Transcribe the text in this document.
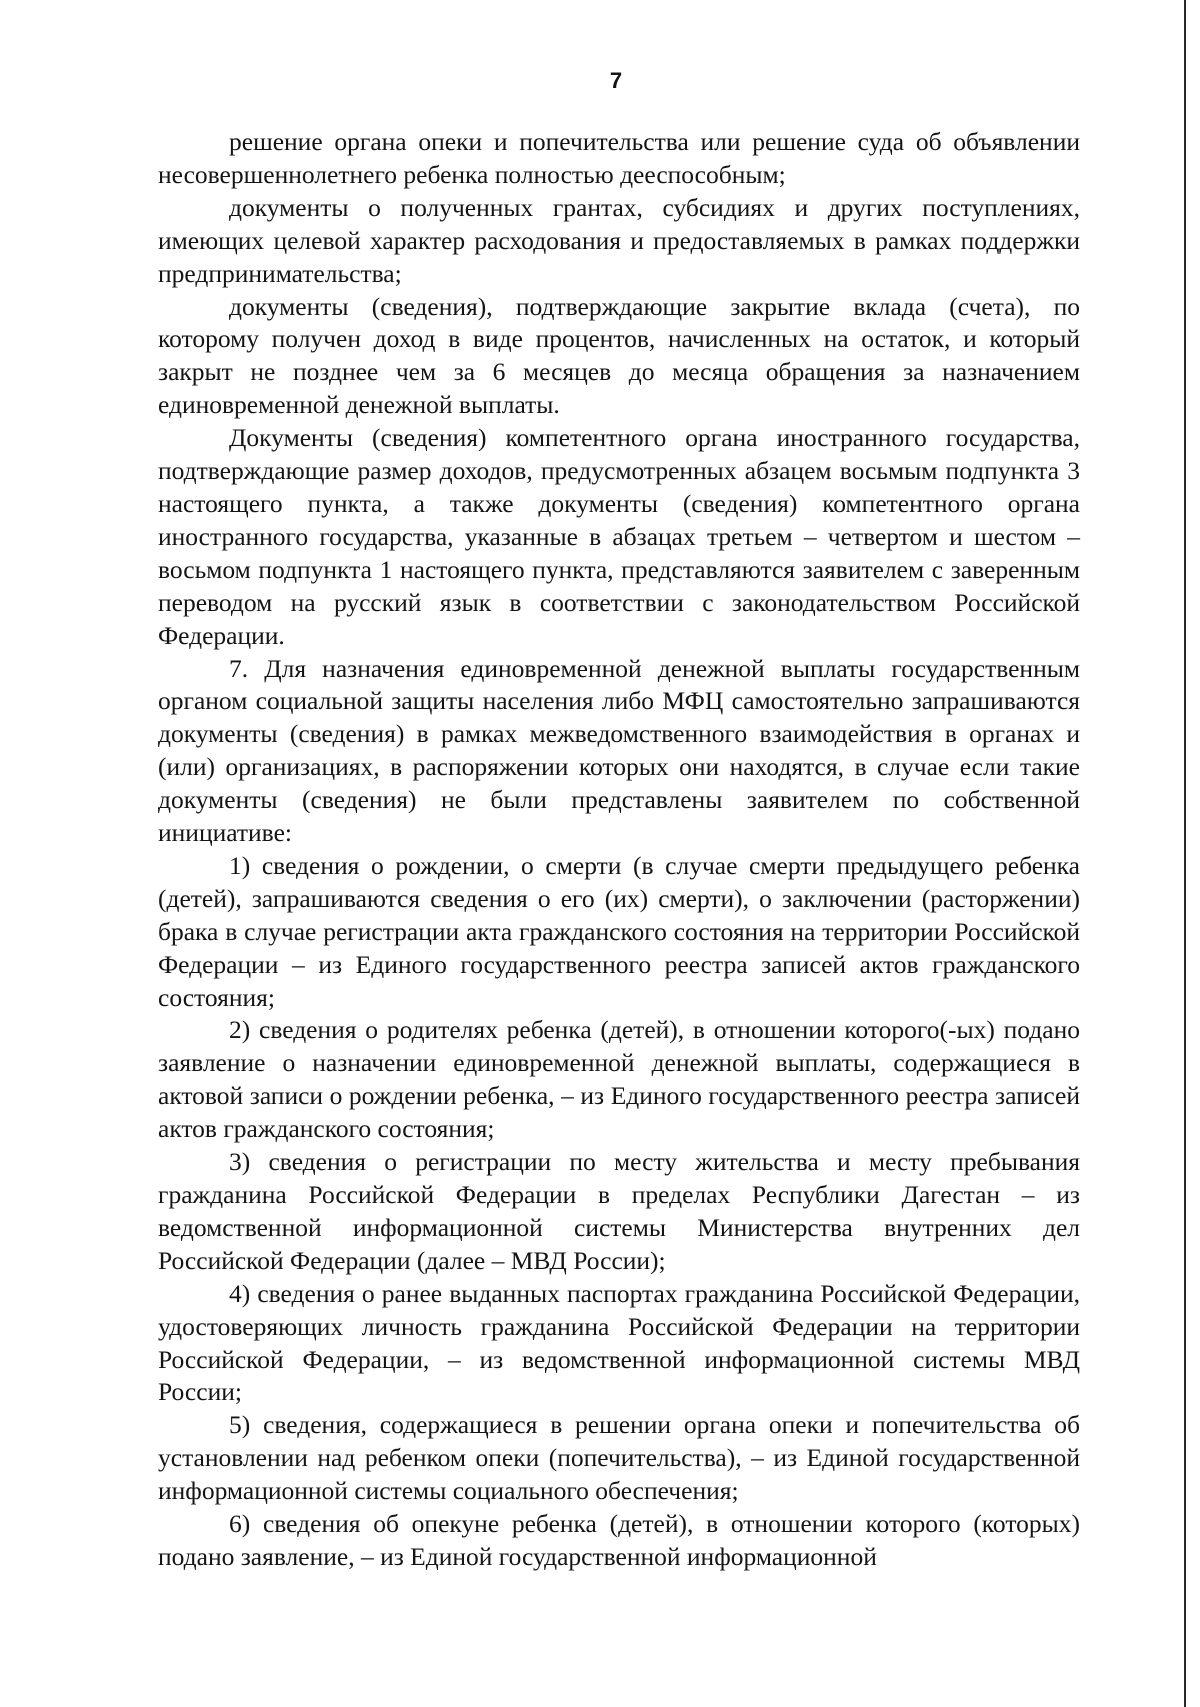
7

решение органа опеки и попечительства или решение суда об объявлении несовершеннолетнего ребенка полностью дееспособным;

документы о полученных грантах, субсидиях и других поступлениях, имеющих целевой характер расходования и предоставляемых в рамках поддержки предпринимательства;

документы (сведения), подтверждающие закрытие вклада (счета), по которому получен доход в виде процентов, начисленных на остаток, и который закрыт не позднее чем за 6 месяцев до месяца обращения за назначением единовременной денежной выплаты.

Документы (сведения) компетентного органа иностранного государства, подтверждающие размер доходов, предусмотренных абзацем восьмым подпункта 3 настоящего пункта, а также документы (сведения) компетентного органа иностранного государства, указанные в абзацах третьем – четвертом и шестом – восьмом подпункта 1 настоящего пункта, представляются заявителем с заверенным переводом на русский язык в соответствии с законодательством Российской Федерации.

7. Для назначения единовременной денежной выплаты государственным органом социальной защиты населения либо МФЦ самостоятельно запрашиваются документы (сведения) в рамках межведомственного взаимодействия в органах и (или) организациях, в распоряжении которых они находятся, в случае если такие документы (сведения) не были представлены заявителем по собственной инициативе:

1) сведения о рождении, о смерти (в случае смерти предыдущего ребенка (детей), запрашиваются сведения о его (их) смерти), о заключении (расторжении) брака в случае регистрации акта гражданского состояния на территории Российской Федерации – из Единого государственного реестра записей актов гражданского состояния;

2) сведения о родителях ребенка (детей), в отношении которого(-ых) подано заявление о назначении единовременной денежной выплаты, содержащиеся в актовой записи о рождении ребенка, – из Единого государственного реестра записей актов гражданского состояния;

3) сведения о регистрации по месту жительства и месту пребывания гражданина Российской Федерации в пределах Республики Дагестан – из ведомственной информационной системы Министерства внутренних дел Российской Федерации (далее – МВД России);

4) сведения о ранее выданных паспортах гражданина Российской Федерации, удостоверяющих личность гражданина Российской Федерации на территории Российской Федерации, – из ведомственной информационной системы МВД России;

5) сведения, содержащиеся в решении органа опеки и попечительства об установлении над ребенком опеки (попечительства), – из Единой государственной информационной системы социального обеспечения;

6) сведения об опекуне ребенка (детей), в отношении которого (которых) подано заявление, – из Единой государственной информационной
